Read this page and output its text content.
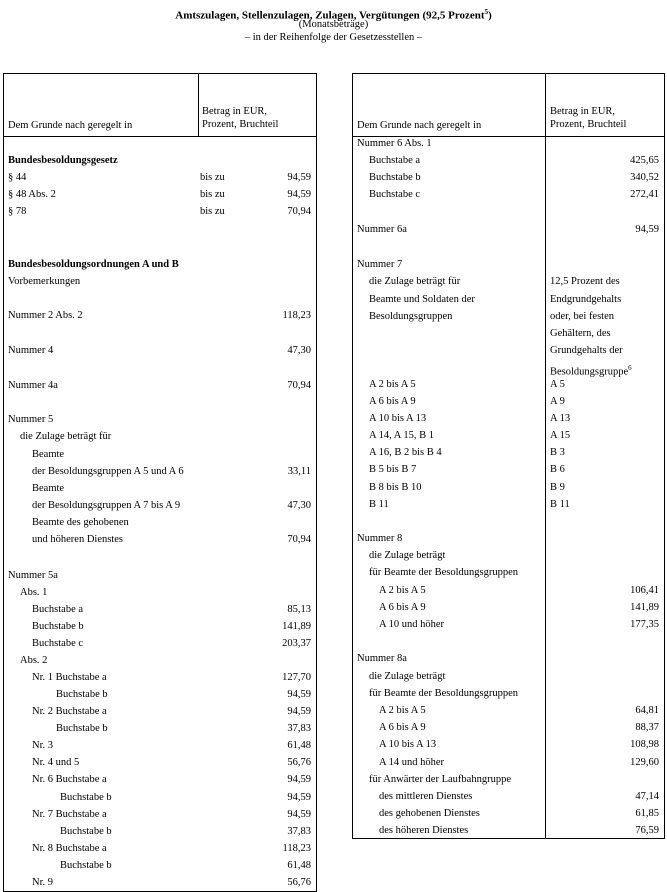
Amtszulagen, Stellenzulagen, Zulagen, Vergütungen (92,5 Prozent$^5$)
(Monatsbeträge)
– in der Reihenfolge der Gesetzesstellen –
Dem Grunde nach geregelt in
Betrag in EUR,
Prozent, Bruchteil
Bundesbesoldungsgesetz
§ 44	bis zu	94,59
§ 48 Abs. 2	bis zu	94,59
§ 78	bis zu	70,94
Bundesbesoldungsordnungen A und B
Vorbemerkungen
Nummer 2 Abs. 2	118,23
Nummer 4	47,30
Nummer 4a	70,94
Nummer 5
die Zulage beträgt für
Beamte
der Besoldungsgruppen A 5 und A 6	33,11
Beamte
der Besoldungsgruppen A 7 bis A 9	47,30
Beamte des gehobenen
und höheren Dienstes	70,94
Nummer 5a
Abs. 1
Buchstabe a	85,13
Buchstabe b	141,89
Buchstabe c	203,37
Abs. 2
Nr. 1 Buchstabe a	127,70
Buchstabe b	94,59
Nr. 2 Buchstabe a	94,59
Buchstabe b	37,83
Nr. 3	61,48
Nr. 4 und 5	56,76
Nr. 6 Buchstabe a	94,59
Buchstabe b	94,59
Nr. 7 Buchstabe a	94,59
Buchstabe b	37,83
Nr. 8 Buchstabe a	118,23
Buchstabe b	61,48
Nr. 9	56,76
Dem Grunde nach geregelt in
Betrag in EUR,
Prozent, Bruchteil
Nummer 6 Abs. 1
Buchstabe a	425,65
Buchstabe b	340,52
Buchstabe c	272,41
Nummer 6a	94,59
Nummer 7
die Zulage beträgt für	12,5 Prozent des
Beamte und Soldaten der	Endgrundgehalts
Besoldungsgruppen	oder, bei festen
Gehältern, des
Grundgehalts der
Besoldungsgruppe$^6$
A 2 bis A 5	A 5
A 6 bis A 9	A 9
A 10 bis A 13	A 13
A 14, A 15, B 1	A 15
A 16, B 2 bis B 4	B 3
B 5 bis B 7	B 6
B 8 bis B 10	B 9
B 11	B 11
Nummer 8
die Zulage beträgt
für Beamte der Besoldungsgruppen
A 2 bis A 5	106,41
A 6 bis A 9	141,89
A 10 und höher	177,35
Nummer 8a
die Zulage beträgt
für Beamte der Besoldungsgruppen
A 2 bis A 5	64,81
A 6 bis A 9	88,37
A 10 bis A 13	108,98
A 14 und höher	129,60
für Anwärter der Laufbahngruppe
des mittleren Dienstes	47,14
des gehobenen Dienstes	61,85
des höheren Dienstes	76,59
